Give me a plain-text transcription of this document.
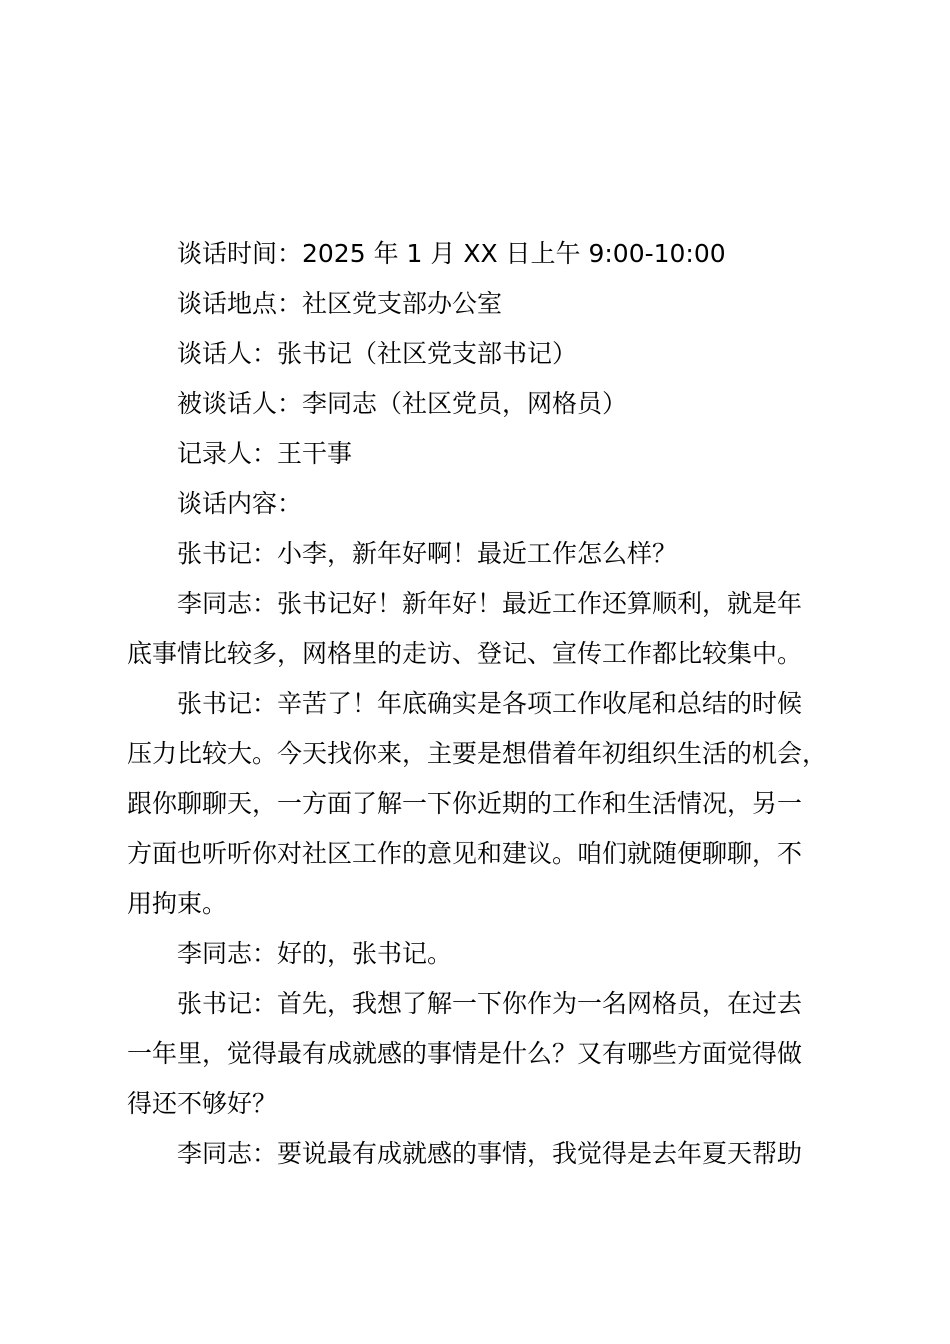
谈话时间：2025 年 1 月 XX 日上午 9:00-10:00
谈话地点：社区党支部办公室
谈话人：张书记（社区党支部书记）
被谈话人：李同志（社区党员，网格员）
记录人：王干事
谈话内容：
张书记：小李，新年好啊！最近工作怎么样？
李同志：张书记好！新年好！最近工作还算顺利，就是年
底事情比较多，网格里的走访、登记、宣传工作都比较集中。
张书记：辛苦了！年底确实是各项工作收尾和总结的时候
压力比较大。今天找你来，主要是想借着年初组织生活的机会，
跟你聊聊天，一方面了解一下你近期的工作和生活情况，另一
方面也听听你对社区工作的意见和建议。咱们就随便聊聊，不
用拘束。
李同志：好的，张书记。
张书记：首先，我想了解一下你作为一名网格员，在过去
一年里，觉得最有成就感的事情是什么？又有哪些方面觉得做
得还不够好？
李同志：要说最有成就感的事情，我觉得是去年夏天帮助
